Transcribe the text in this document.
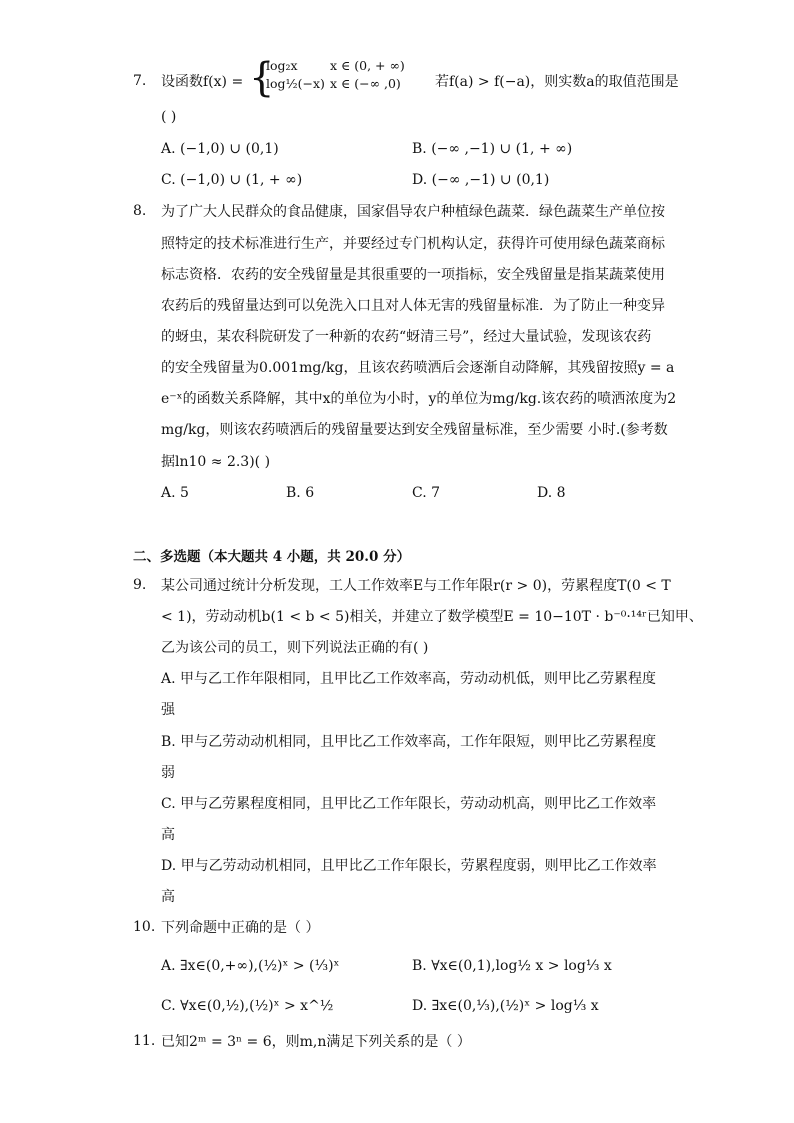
7. 设函数f(x) = {
log₂x	x ∈ (0, + ∞)
log½(−x) x ∈ (−∞ ,0) 若f(a) > f(−a)，则实数a的取值范围是
( )
A. (−1,0) ∪ (0,1)	B. (−∞ ,−1) ∪ (1, + ∞)
C. (−1,0) ∪ (1, + ∞)	D. (−∞ ,−1) ∪ (0,1)
8. 为了广大人民群众的食品健康，国家倡导农户种植绿色蔬菜．绿色蔬菜生产单位按
照特定的技术标准进行生产，并要经过专门机构认定，获得许可使用绿色蔬菜商标
标志资格．农药的安全残留量是其很重要的一项指标，安全残留量是指某蔬菜使用
农药后的残留量达到可以免洗入口且对人体无害的残留量标准．为了防止一种变异
的蚜虫，某农科院研发了一种新的农药“蚜清三号”，经过大量试验，发现该农药
的安全残留量为0.001mg/kg，且该农药喷洒后会逐渐自动降解，其残留按照y = a
e⁻ˣ的函数关系降解，其中x的单位为小时，y的单位为mg/kg.该农药的喷洒浓度为2
mg/kg，则该农药喷洒后的残留量要达到安全残留量标准，至少需要 小时.(参考数
据ln10 ≈ 2.3)( )
A. 5	B. 6	C. 7	D. 8
二、多选题（本大题共 4 小题，共 20.0 分）
9. 某公司通过统计分析发现，工人工作效率E与工作年限r(r > 0)，劳累程度T(0 < T
< 1)，劳动动机b(1 < b < 5)相关，并建立了数学模型E = 10−10T · b⁻⁰·¹⁴ʳ已知甲、
乙为该公司的员工，则下列说法正确的有( )
A. 甲与乙工作年限相同，且甲比乙工作效率高，劳动动机低，则甲比乙劳累程度
强
B. 甲与乙劳动动机相同，且甲比乙工作效率高，工作年限短，则甲比乙劳累程度
弱
C. 甲与乙劳累程度相同，且甲比乙工作年限长，劳动动机高，则甲比乙工作效率
高
D. 甲与乙劳动动机相同，且甲比乙工作年限长，劳累程度弱，则甲比乙工作效率
高
10. 下列命题中正确的是（ ）
A. ∃x∈(0,+∞),(½)ˣ > (⅓)ˣ	B. ∀x∈(0,1),log½ x > log⅓ x
C. ∀x∈(0,½),(½)ˣ > x^½	D. ∃x∈(0,⅓),(½)ˣ > log⅓ x
11. 已知2ᵐ = 3ⁿ = 6，则m,n满足下列关系的是（ ）
